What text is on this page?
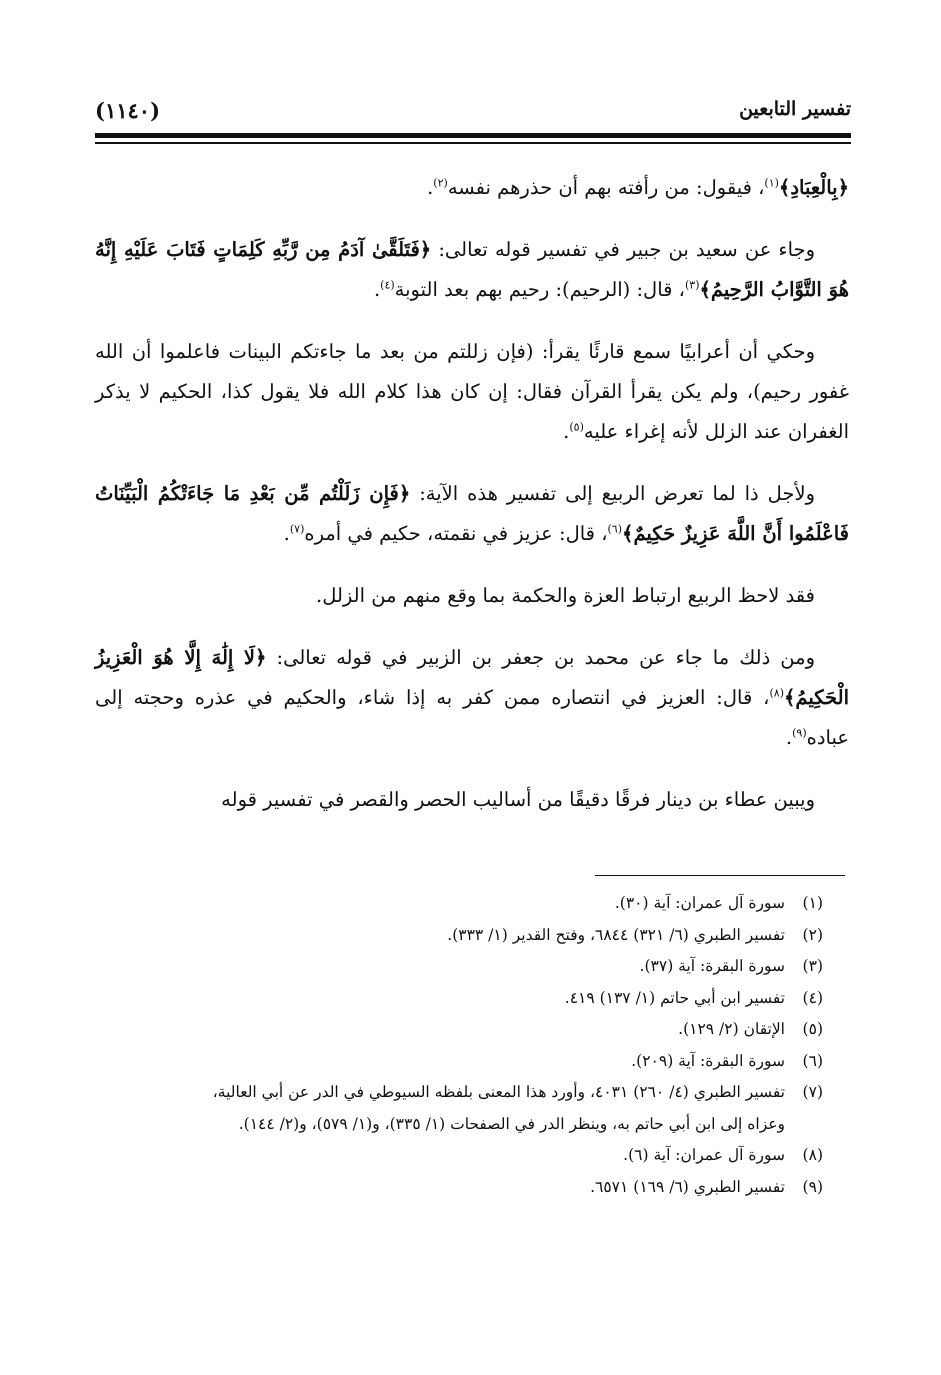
تفسير التابعين
(١١٤٠)

﴿بِالْعِبَادِ﴾$^{(١)}$، فيقول: من رأفته بهم أن حذرهم نفسه$^{(٢)}$.

وجاء عن سعيد بن جبير في تفسير قوله تعالى: ﴿فَتَلَقَّىٰ آدَمُ مِن رَّبِّهِ كَلِمَاتٍ فَتَابَ عَلَيْهِ إِنَّهُ هُوَ التَّوَّابُ الرَّحِيمُ﴾$^{(٣)}$، قال: (الرحيم): رحيم بهم بعد التوبة$^{(٤)}$.

وحكي أن أعرابيًا سمع قارئًا يقرأ: (فإن زللتم من بعد ما جاءتكم البينات فاعلموا أن الله غفور رحيم)، ولم يكن يقرأ القرآن فقال: إن كان هذا كلام الله فلا يقول كذا، الحكيم لا يذكر الغفران عند الزلل لأنه إغراء عليه$^{(٥)}$.

ولأجل ذا لما تعرض الربيع إلى تفسير هذه الآية: ﴿فَإِن زَلَلْتُم مِّن بَعْدِ مَا جَاءَتْكُمُ الْبَيِّنَاتُ فَاعْلَمُوا أَنَّ اللَّهَ عَزِيزٌ حَكِيمٌ﴾$^{(٦)}$، قال: عزيز في نقمته، حكيم في أمره$^{(٧)}$.

فقد لاحظ الربيع ارتباط العزة والحكمة بما وقع منهم من الزلل.

ومن ذلك ما جاء عن محمد بن جعفر بن الزبير في قوله تعالى: ﴿لَا إِلَٰهَ إِلَّا هُوَ الْعَزِيزُ الْحَكِيمُ﴾$^{(٨)}$، قال: العزيز في انتصاره ممن كفر به إذا شاء، والحكيم في عذره وحجته إلى عباده$^{(٩)}$.

ويبين عطاء بن دينار فرقًا دقيقًا من أساليب الحصر والقصر في تفسير قوله

(١)
سورة آل عمران: آية (٣٠).
(٢)
تفسير الطبري (٦/ ٣٢١) ٦٨٤٤، وفتح القدير (١/ ٣٣٣).
(٣)
سورة البقرة: آية (٣٧).
(٤)
تفسير ابن أبي حاتم (١/ ١٣٧) ٤١٩.
(٥)
الإتقان (٢/ ١٢٩).
(٦)
سورة البقرة: آية (٢٠٩).
(٧)
تفسير الطبري (٤/ ٢٦٠) ٤٠٣١، وأورد هذا المعنى بلفظه السيوطي في الدر عن أبي العالية،
وعزاه إلى ابن أبي حاتم به، وينظر الدر في الصفحات (١/ ٣٣٥)، و(١/ ٥٧٩)، و(٢/ ١٤٤).
(٨)
سورة آل عمران: آية (٦).
(٩)
تفسير الطبري (٦/ ١٦٩) ٦٥٧١.
